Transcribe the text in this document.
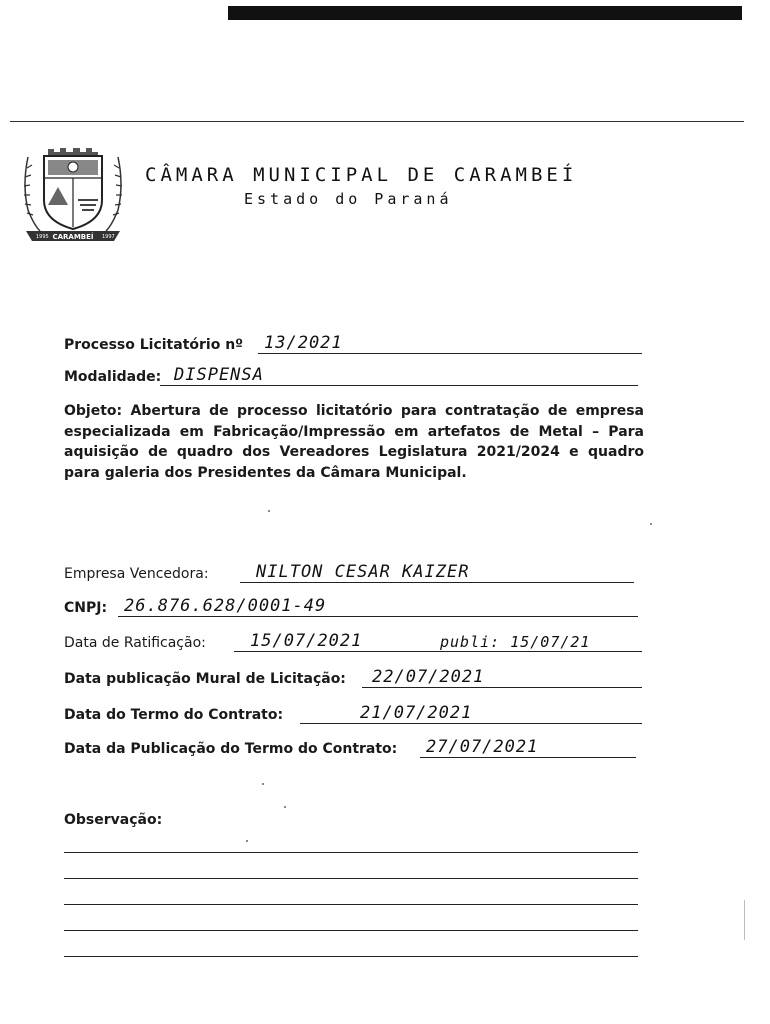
CARAMBEÍ
1995	1997
CÂMARA MUNICIPAL DE CARAMBEÍ
Estado do Paraná
Processo Licitatório nº 13/2021
Modalidade: DISPENSA
Objeto: Abertura de processo licitatório para contratação de empresa especializada em Fabricação/Impressão em artefatos de Metal – Para aquisição de quadro dos Vereadores Legislatura 2021/2024 e quadro para galeria dos Presidentes da Câmara Municipal.
Empresa Vencedora:	NILTON CESAR KAIZER
CNPJ: 26.876.628/0001-49
Data de Ratificação:	15/07/2021	publi: 15/07/21
Data publicação Mural de Licitação: 22/07/2021
Data do Termo do Contrato:	21/07/2021
Data da Publicação do Termo do Contrato: 27/07/2021
Observação:
